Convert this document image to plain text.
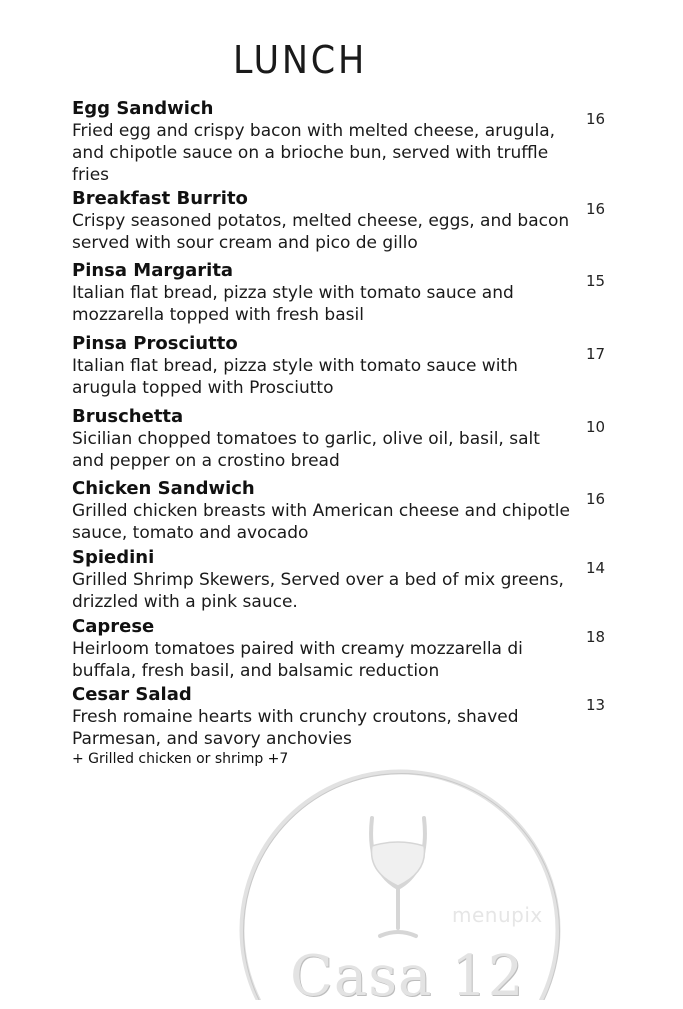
LUNCH
Egg Sandwich
Fried egg and crispy bacon with melted cheese, arugula, and chipotle sauce on a brioche bun, served with truffle fries
16
Breakfast Burrito
Crispy seasoned potatos, melted cheese, eggs, and bacon served with sour cream and pico de gillo
16
Pinsa Margarita
Italian flat bread, pizza style with tomato sauce and mozzarella topped with fresh basil
15
Pinsa Prosciutto
Italian flat bread, pizza style with tomato sauce with arugula topped with Prosciutto
17
Bruschetta
Sicilian chopped tomatoes to garlic, olive oil, basil, salt and pepper on a crostino bread
10
Chicken Sandwich
Grilled chicken breasts with American cheese and chipotle sauce, tomato and avocado
16
Spiedini
Grilled Shrimp Skewers, Served over a bed of mix greens, drizzled with a pink sauce.
14
Caprese
Heirloom tomatoes paired with creamy mozzarella di buffala, fresh basil, and balsamic reduction
18
Cesar Salad
Fresh romaine hearts with crunchy croutons, shaved Parmesan, and savory anchovies
+ Grilled chicken or shrimp +7
13
menupix
Casa 12
